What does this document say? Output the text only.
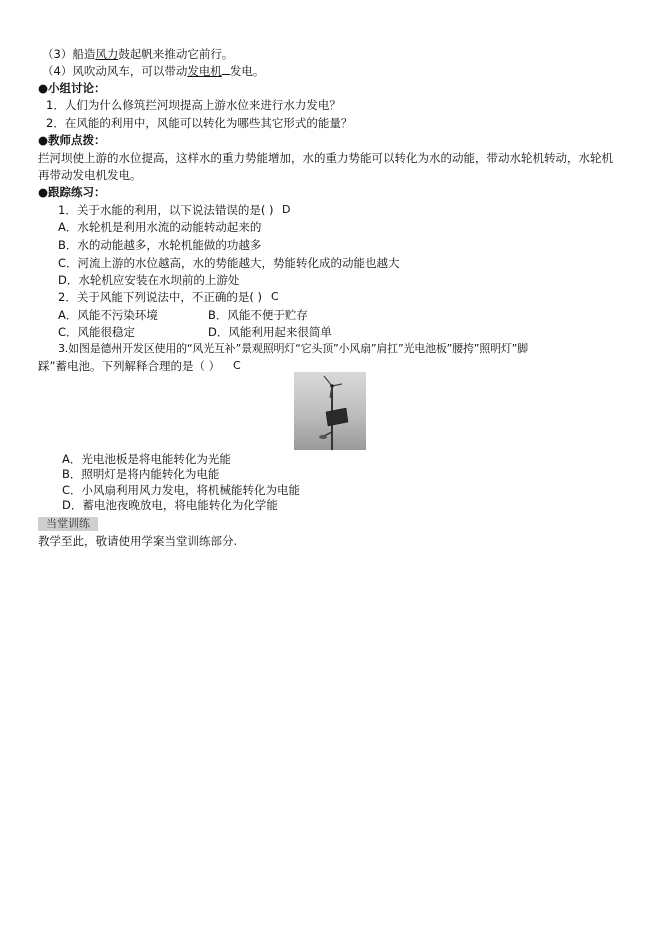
（3）船造风力鼓起帆来推动它前行。
（4）风吹动风车，可以带动发电机 发电。
●小组讨论：
1．人们为什么修筑拦河坝提高上游水位来进行水力发电？
2．在风能的利用中，风能可以转化为哪些其它形式的能量？
●教师点拨：
拦河坝使上游的水位提高，这样水的重力势能增加，水的重力势能可以转化为水的动能，带动水轮机转动，水轮机
再带动发电机发电。
●跟踪练习：
1．关于水能的利用，以下说法错误的是( ) D
A．水轮机是利用水流的动能转动起来的
B．水的动能越多，水轮机能做的功越多
C．河流上游的水位越高，水的势能越大，势能转化成的动能也越大
D．水轮机应安装在水坝前的上游处
2．关于风能下列说法中，不正确的是( ) C
A．风能不污染环境	B．风能不便于贮存
C．风能很稳定	D．风能利用起来很简单
3.如图是德州开发区使用的“风光互补”景观照明灯“它头顶”小风扇”肩扛”光电池板”腰挎”照明灯”脚
踩”蓄电池。下列解释合理的是（ ） C
A．光电池板是将电能转化为光能
B．照明灯是将内能转化为电能
C．小风扇利用风力发电，将机械能转化为电能
D．蓄电池夜晚放电，将电能转化为化学能
当堂训练
教学至此，敬请使用学案当堂训练部分.
